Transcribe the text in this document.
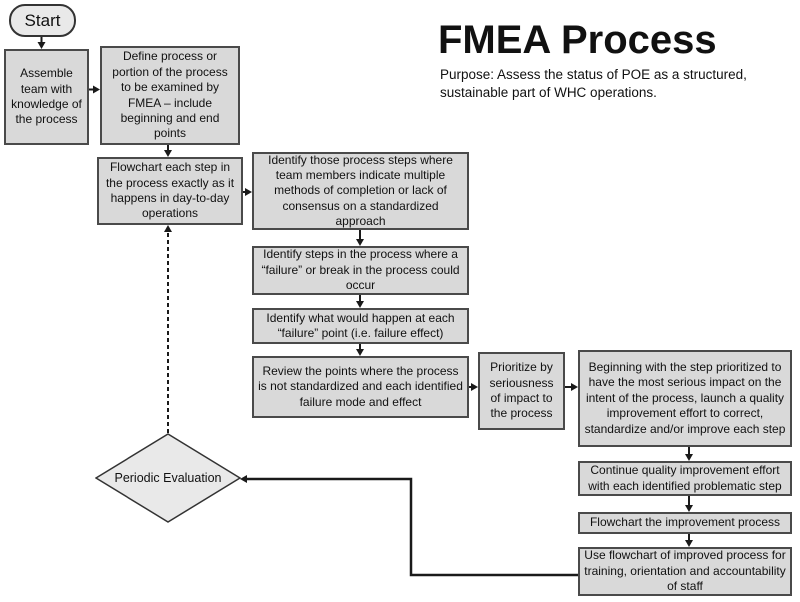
FMEA Process
Purpose: Assess the status of POE as a structured, sustainable part of WHC operations.
Start
Assemble team with knowledge of the process
Define process or portion of the process to be examined by FMEA – include beginning and end points
Flowchart each step in the process exactly as it happens in day-to-day operations
Identify those process steps where team members indicate multiple methods of completion or lack of consensus on a standardized approach
Identify steps in the process where a “failure” or break in the process could occur
Identify what would happen at each “failure” point (i.e. failure effect)
Review the points where the process is not standardized and each identified failure mode and effect
Prioritize by seriousness of impact to the process
Beginning with the step prioritized to have the most serious impact on the intent of the process, launch a quality improvement effort to correct, standardize and/or improve each step
Continue quality improvement effort with each identified problematic step
Flowchart the improvement process
Use flowchart of improved process for training, orientation and accountability of staff
Periodic Evaluation
